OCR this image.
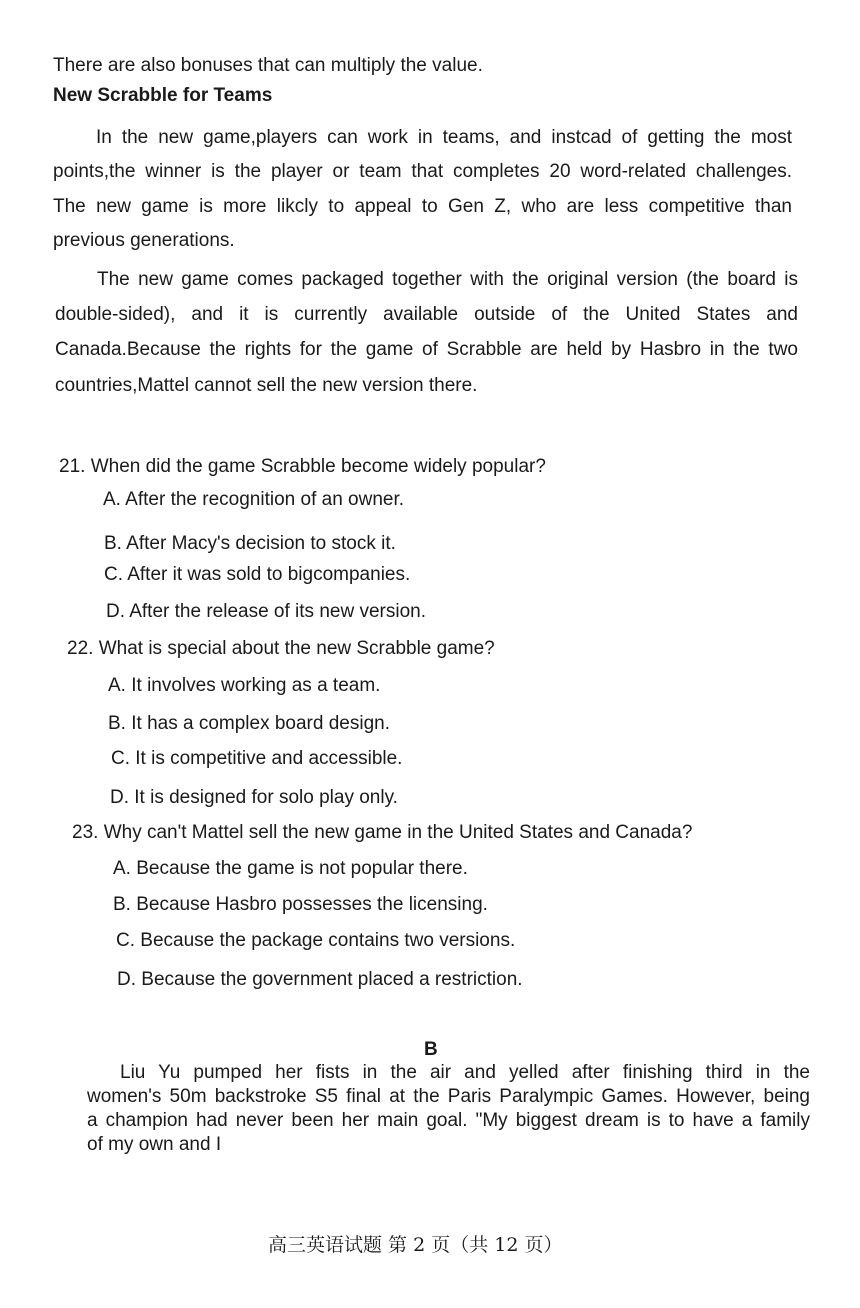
There are also bonuses that can multiply the value.
New Scrabble for Teams
In the new game,players can work in teams, and instcad of getting the most
points,the winner is the player or team that completes 20 word-related challenges.
The new game is more likcly to appeal to Gen Z, who are less competitive than
previous generations.
The new game comes packaged together with the original version (the board is
double-sided), and it is currently available outside of the United States and
Canada.Because the rights for the game of Scrabble are held by Hasbro in the two
countries,Mattel cannot sell the new version there.
21. When did the game Scrabble become widely popular?
A. After the recognition of an owner.
B. After Macy's decision to stock it.
C. After it was sold to bigcompanies.
D. After the release of its new version.
22. What is special about the new Scrabble game?
A. It involves working as a team.
B. It has a complex board design.
C. It is competitive and accessible.
D. It is designed for solo play only.
23. Why can't Mattel sell the new game in the United States and Canada?
A. Because the game is not popular there.
B. Because Hasbro possesses the licensing.
C. Because the package contains two versions.
D. Because the government placed a restriction.
B
Liu Yu pumped her fists in the air and yelled after finishing third in the
women's 50m backstroke S5 final at the Paris Paralympic Games. However, being
a champion had never been her main goal. "My biggest dream is to have a family
of my own and I
高三英语试题 第 2 页（共 12 页）
